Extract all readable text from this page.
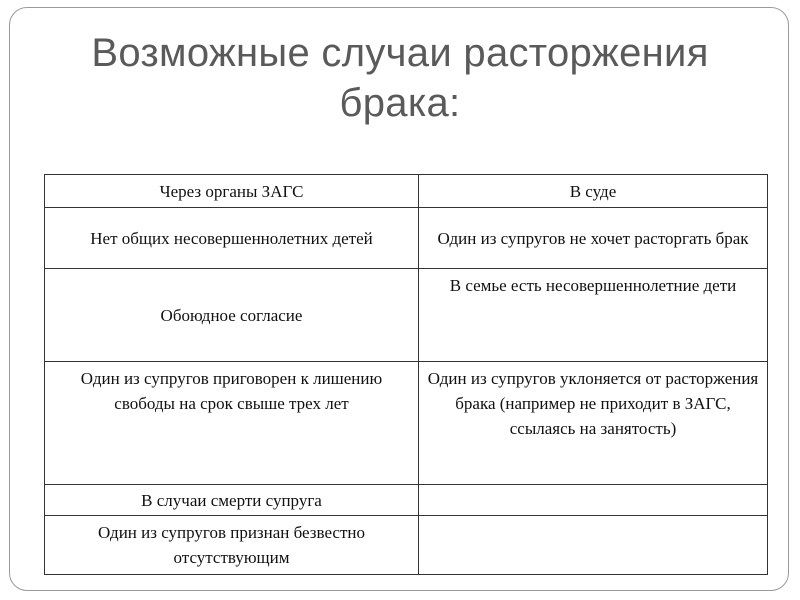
Возможные случаи расторжения
брака:
Через органы ЗАГС	В суде
Нет общих несовершеннолетних детей	Один из супругов не хочет расторгать брак
Обоюдное согласие	В семье есть несовершеннолетние дети
Один из супругов приговорен к лишению свободы на срок свыше трех лет	Один из супругов уклоняется от расторжения брака (например не приходит в ЗАГС, ссылаясь на занятость)
В случаи смерти супруга	
Один из супругов признан безвестно отсутствующим	
